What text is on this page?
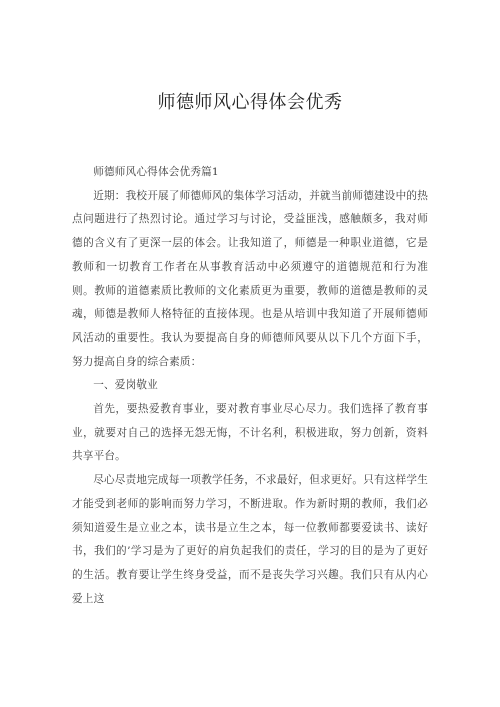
师德师风心得体会优秀

师德师风心得体会优秀篇1

近期：我校开展了师德师风的集体学习活动，并就当前师德建设中的热点问题进行了热烈讨论。通过学习与讨论，受益匪浅，感触颇多，我对师德的含义有了更深一层的体会。让我知道了，师德是一种职业道德，它是教师和一切教育工作者在从事教育活动中必须遵守的道德规范和行为准则。教师的道德素质比教师的文化素质更为重要，教师的道德是教师的灵魂，师德是教师人格特征的直接体现。也是从培训中我知道了开展师德师风活动的重要性。我认为要提高自身的师德师风要从以下几个方面下手，努力提高自身的综合素质：

一、爱岗敬业

首先，要热爱教育事业，要对教育事业尽心尽力。我们选择了教育事业，就要对自己的选择无怨无悔，不计名利，积极进取，努力创新，资料共享平台。

尽心尽责地完成每一项教学任务，不求最好，但求更好。只有这样学生才能受到老师的影响而努力学习，不断进取。作为新时期的教师，我们必须知道爱生是立业之本，读书是立生之本，每一位教师都要爱读书、读好书，我们的’学习是为了更好的肩负起我们的责任，学习的目的是为了更好的生活。教育要让学生终身受益，而不是丧失学习兴趣。我们只有从内心爱上这
